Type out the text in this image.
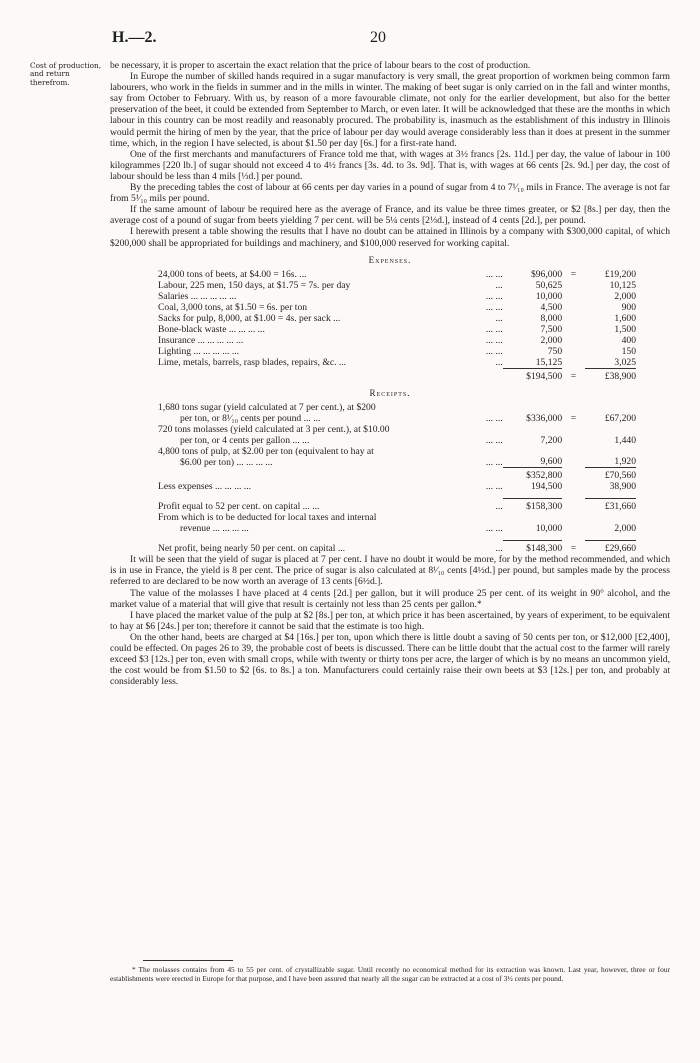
H.—2.	20
Cost of production, and return therefrom.

be necessary, it is proper to ascertain the exact relation that the price of labour bears to the cost of production.

In Europe the number of skilled hands required in a sugar manufactory is very small, the great proportion of workmen being common farm labourers, who work in the fields in summer and in the mills in winter. The making of beet sugar is only carried on in the fall and winter months, say from October to February. With us, by reason of a more favourable climate, not only for the earlier development, but also for the better preservation of the beet, it could be extended from September to March, or even later. It will be acknowledged that these are the months in which labour in this country can be most readily and reasonably procured. The probability is, inasmuch as the establishment of this industry in Illinois would permit the hiring of men by the year, that the price of labour per day would average considerably less than it does at present in the summer time, which, in the region I have selected, is about $1.50 per day [6s.] for a first-rate hand.

One of the first merchants and manufacturers of France told me that, with wages at 3½ francs [2s. 11d.] per day, the value of labour in 100 kilogrammes [220 lb.] of sugar should not exceed 4 to 4½ francs [3s. 4d. to 3s. 9d]. That is, with wages at 66 cents [2s. 9d.] per day, the cost of labour should be less than 4 mils [⅓d.] per pound.

By the preceding tables the cost of labour at 66 cents per day varies in a pound of sugar from 4 to 7¹⁄₁₀ mils in France. The average is not far from 5¹⁄₁₀ mils per pound.

If the same amount of labour be required here as the average of France, and its value be three times greater, or $2 [8s.] per day, then the average cost of a pound of sugar from beets yielding 7 per cent. will be 5¼ cents [2⅓d.], instead of 4 cents [2d.], per pound.

I herewith present a table showing the results that I have no doubt can be attained in Illinois by a company with $300,000 capital, of which $200,000 shall be appropriated for buildings and machinery, and $100,000 reserved for working capital.

Expenses.
24,000 tons of beets, at $4.00 = 16s. ...	... ...	$96,000	=	£19,200
Labour, 225 men, 150 days, at $1.75 = 7s. per day	...	50,625		10,125
Salaries ... ... ... ... ...	... ...	10,000		2,000
Coal, 3,000 tons, at $1.50 = 6s. per ton	... ...	4,500		900
Sacks for pulp, 8,000, at $1.00 = 4s. per sack ...	...	8,000		1,600
Bone-black waste ... ... ... ...	... ...	7,500		1,500
Insurance ... ... ... ... ...	... ...	2,000		400
Lighting ... ... ... ... ...	... ...	750		150
Lime, metals, barrels, rasp blades, repairs, &c. ...	...	15,125		3,025
		$194,500	=	£38,900
Receipts.
1,680 tons sugar (yield calculated at 7 per cent.), at $200
per ton, or 8¹⁄₁₀ cents per pound ... ...	... ...	$336,000	=	£67,200
720 tons molasses (yield calculated at 3 per cent.), at $10.00
per ton, or 4 cents per gallon ... ...	... ...	7,200		1,440
4,800 tons of pulp, at $2.00 per ton (equivalent to hay at
$6.00 per ton) ... ... ... ...	... ...	9,600		1,920
		$352,800		£70,560
Less expenses ... ... ... ...	... ...	194,500		38,900

Profit equal to 52 per cent. on capital ... ...	...	$158,300		£31,660
From which is to be deducted for local taxes and internal
revenue ... ... ... ...	... ...	10,000		2,000

Net profit, being nearly 50 per cent. on capital ...	...	$148,300	=	£29,660

It will be seen that the yield of sugar is placed at 7 per cent. I have no doubt it would be more, for by the method recommended, and which is in use in France, the yield is 8 per cent. The price of sugar is also calculated at 8¹⁄₁₀ cents [4½d.] per pound, but samples made by the process referred to are declared to be now worth an average of 13 cents [6½d.].

The value of the molasses I have placed at 4 cents [2d.] per gallon, but it will produce 25 per cent. of its weight in 90° alcohol, and the market value of a material that will give that result is certainly not less than 25 cents per gallon.*

I have placed the market value of the pulp at $2 [8s.] per ton, at which price it has been ascertained, by years of experiment, to be equivalent to hay at $6 [24s.] per ton; therefore it cannot be said that the estimate is too high.

On the other hand, beets are charged at $4 [16s.] per ton, upon which there is little doubt a saving of 50 cents per ton, or $12,000 [£2,400], could be effected. On pages 26 to 39, the probable cost of beets is discussed. There can be little doubt that the actual cost to the farmer will rarely exceed $3 [12s.] per ton, even with small crops, while with twenty or thirty tons per acre, the larger of which is by no means an uncommon yield, the cost would be from $1.50 to $2 [6s. to 8s.] a ton. Manufacturers could certainly raise their own beets at $3 [12s.] per ton, and probably at considerably less.

* The molasses contains from 45 to 55 per cent. of crystallizable sugar. Until recently no economical method for its extraction was known. Last year, however, three or four establishments were erected in Europe for that purpose, and I have been assured that nearly all the sugar can be extracted at a cost of 3½ cents per pound.
